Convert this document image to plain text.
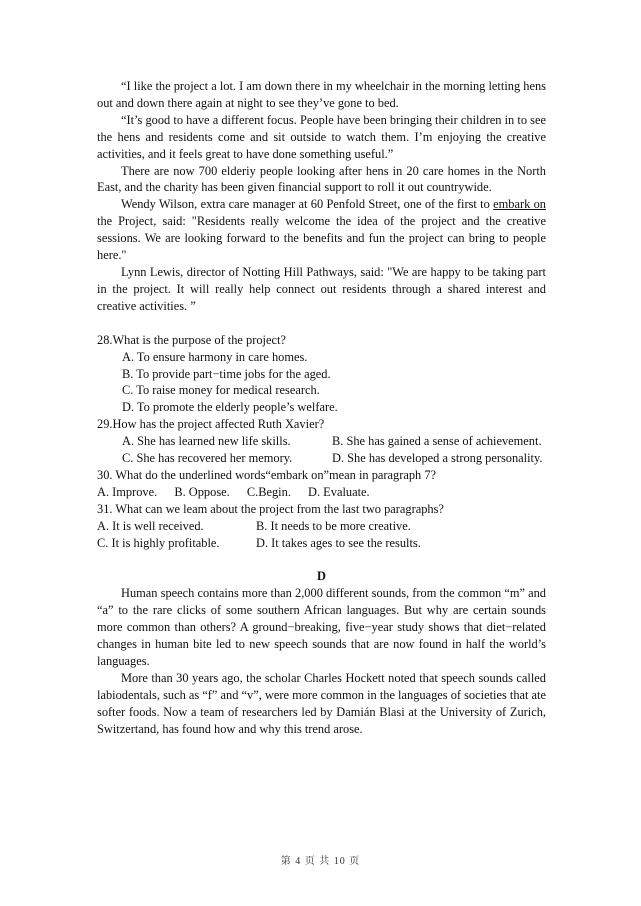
“I like the project a lot. I am down there in my wheelchair in the morning letting hens out and down there again at night to see they’ve gone to bed.

“It’s good to have a different focus. People have been bringing their children in to see the hens and residents come and sit outside to watch them. I’m enjoying the creative activities, and it feels great to have done something useful.”

There are now 700 elderiy people looking after hens in 20 care homes in the North East, and the charity has been given financial support to roll it out countrywide.

Wendy Wilson, extra care manager at 60 Penfold Street, one of the first to embark on the Project, said: "Residents really welcome the idea of the project and the creative sessions. We are looking forward to the benefits and fun the project can bring to people here."

Lynn Lewis, director of Notting Hill Pathways, said: "We are happy to be taking part in the project. It will really help connect out residents through a shared interest and creative activities. ”

28.What is the purpose of the project?

A. To ensure harmony in care homes.

B. To provide part−time jobs for the aged.

C. To raise money for medical research.

D. To promote the elderly people’s welfare.

29.How has the project affected Ruth Xavier?

A. She has learned new life skills.	B. She has gained a sense of achievement.
C. She has recovered her memory.	D. She has developed a strong personality.

30. What do the underlined words“embark on”mean in paragraph 7?

A. Improve. B. Oppose. C.Begin. D. Evaluate.

31. What can we leam about the project from the last two paragraphs?

A. It is well received.	B. It needs to be more creative.
C. It is highly profitable.	D. It takes ages to see the results.

D

Human speech contains more than 2,000 different sounds, from the common “m” and “a” to the rare clicks of some southern African languages. But why are certain sounds more common than others? A ground−breaking, five−year study shows that diet−related changes in human bite led to new speech sounds that are now found in half the world’s languages.

More than 30 years ago, the scholar Charles Hockett noted that speech sounds called labiodentals, such as “f” and “v”, were more common in the languages of societies that ate softer foods. Now a team of researchers led by Damián Blasi at the University of Zurich, Switzertand, has found how and why this trend arose.

第 4 页 共 10 页
